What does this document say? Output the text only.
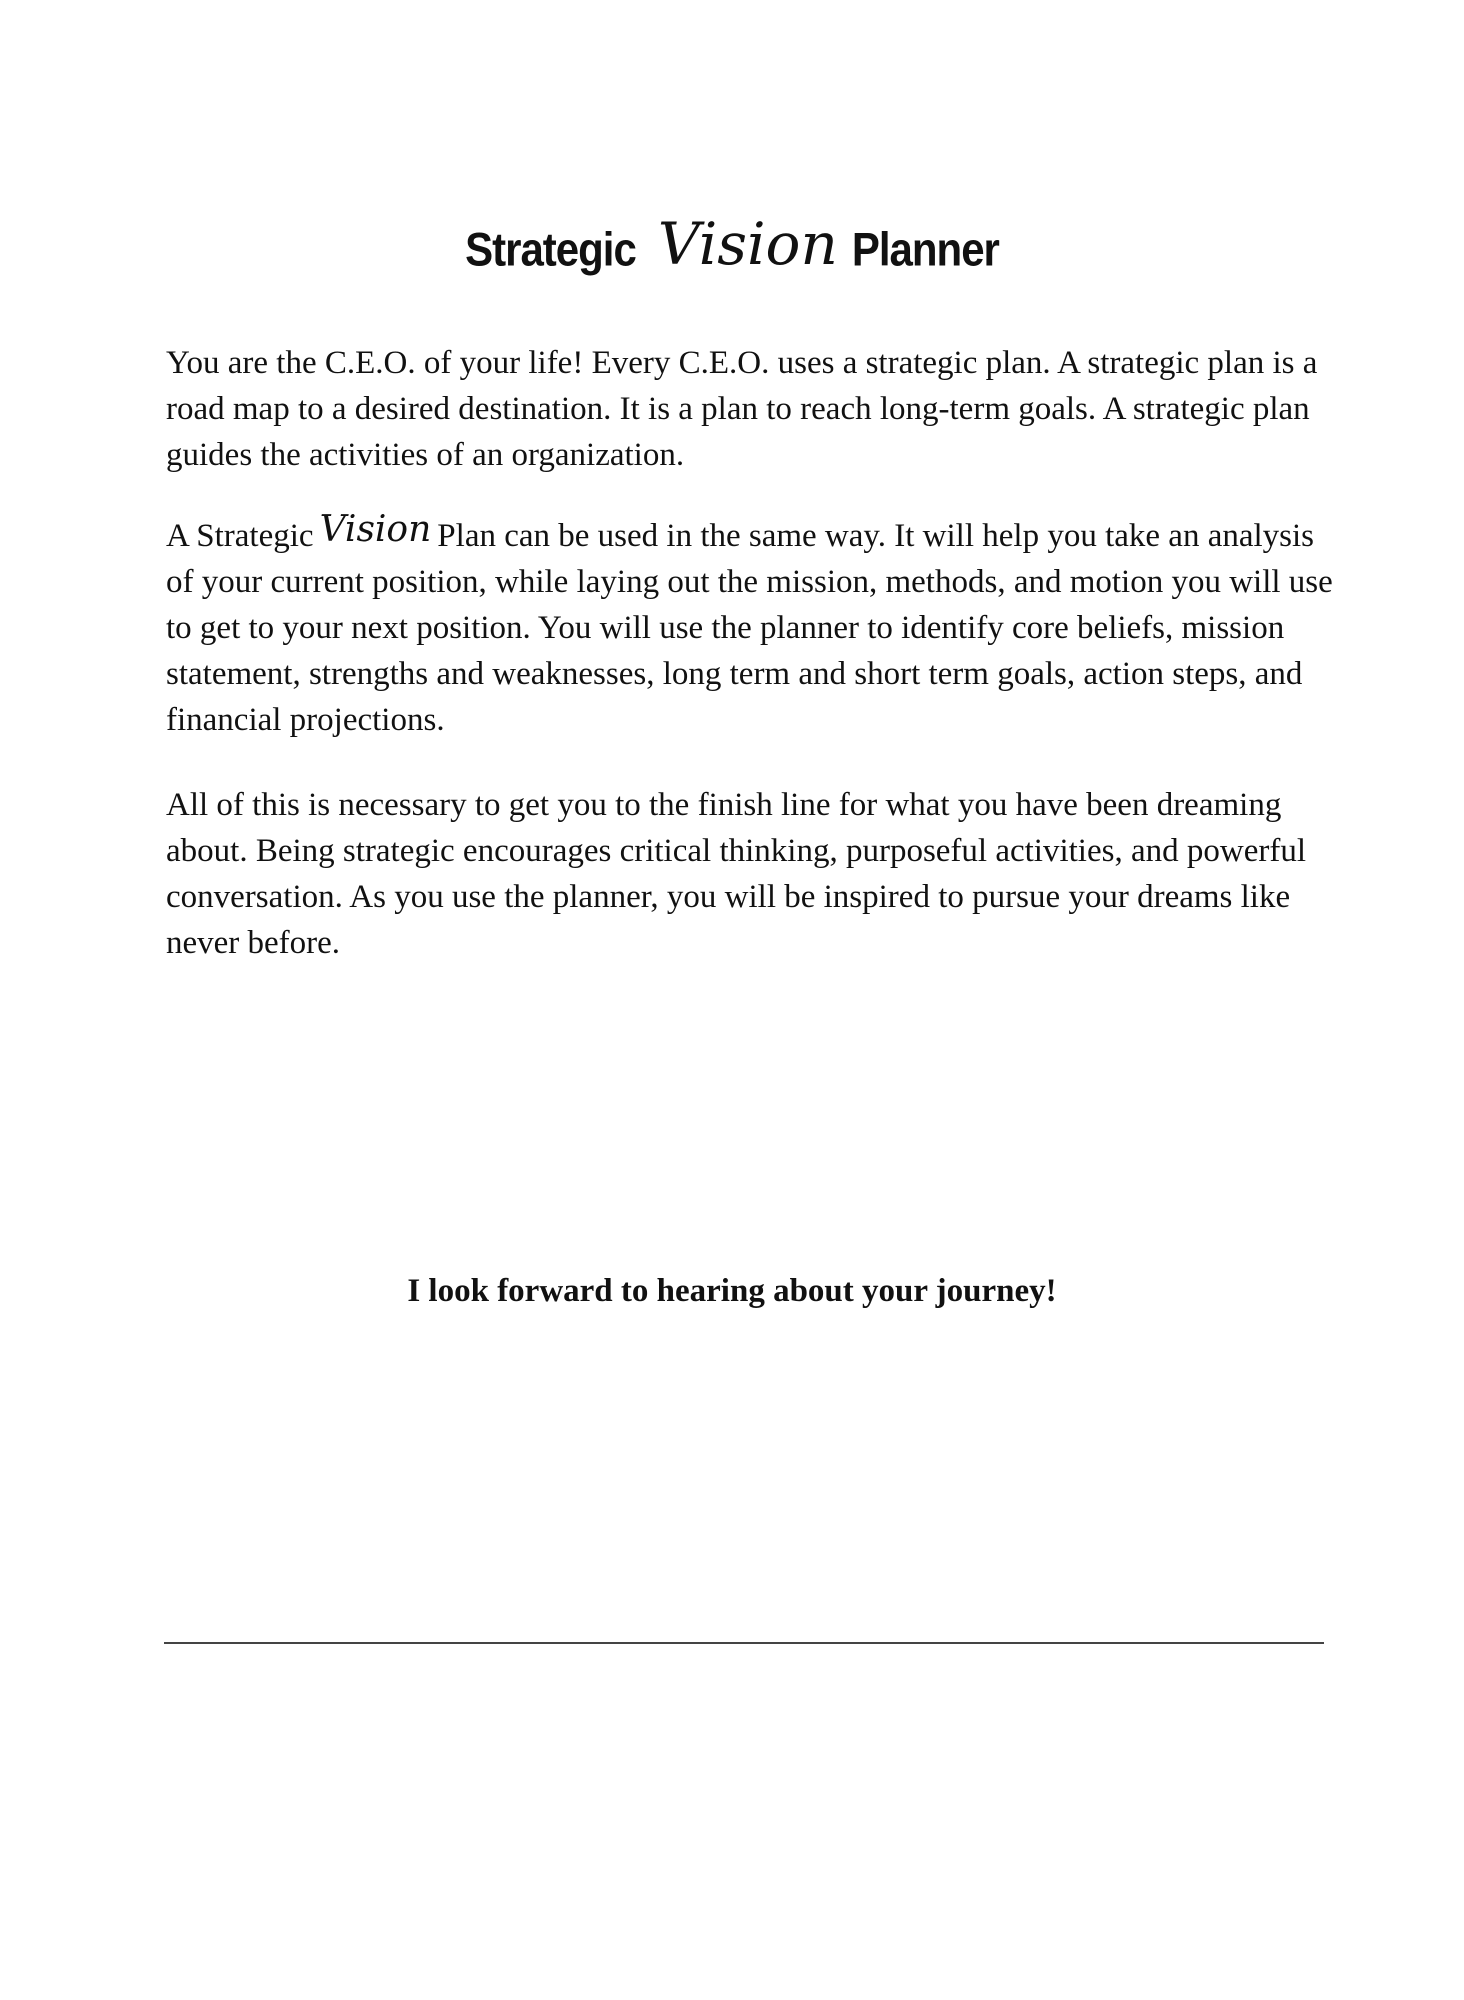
Strategic Vision Planner

You are the C.E.O. of your life! Every C.E.O. uses a strategic plan. A strategic plan is a road map to a desired destination. It is a plan to reach long-term goals. A strategic plan guides the activities of an organization.

A Strategic Vision Plan can be used in the same way. It will help you take an analysis of your current position, while laying out the mission, methods, and motion you will use to get to your next position. You will use the planner to identify core beliefs, mission statement, strengths and weaknesses, long term and short term goals, action steps, and financial projections.

All of this is necessary to get you to the finish line for what you have been dreaming about. Being strategic encourages critical thinking, purposeful activities, and powerful conversation. As you use the planner, you will be inspired to pursue your dreams like never before.

I look forward to hearing about your journey!
